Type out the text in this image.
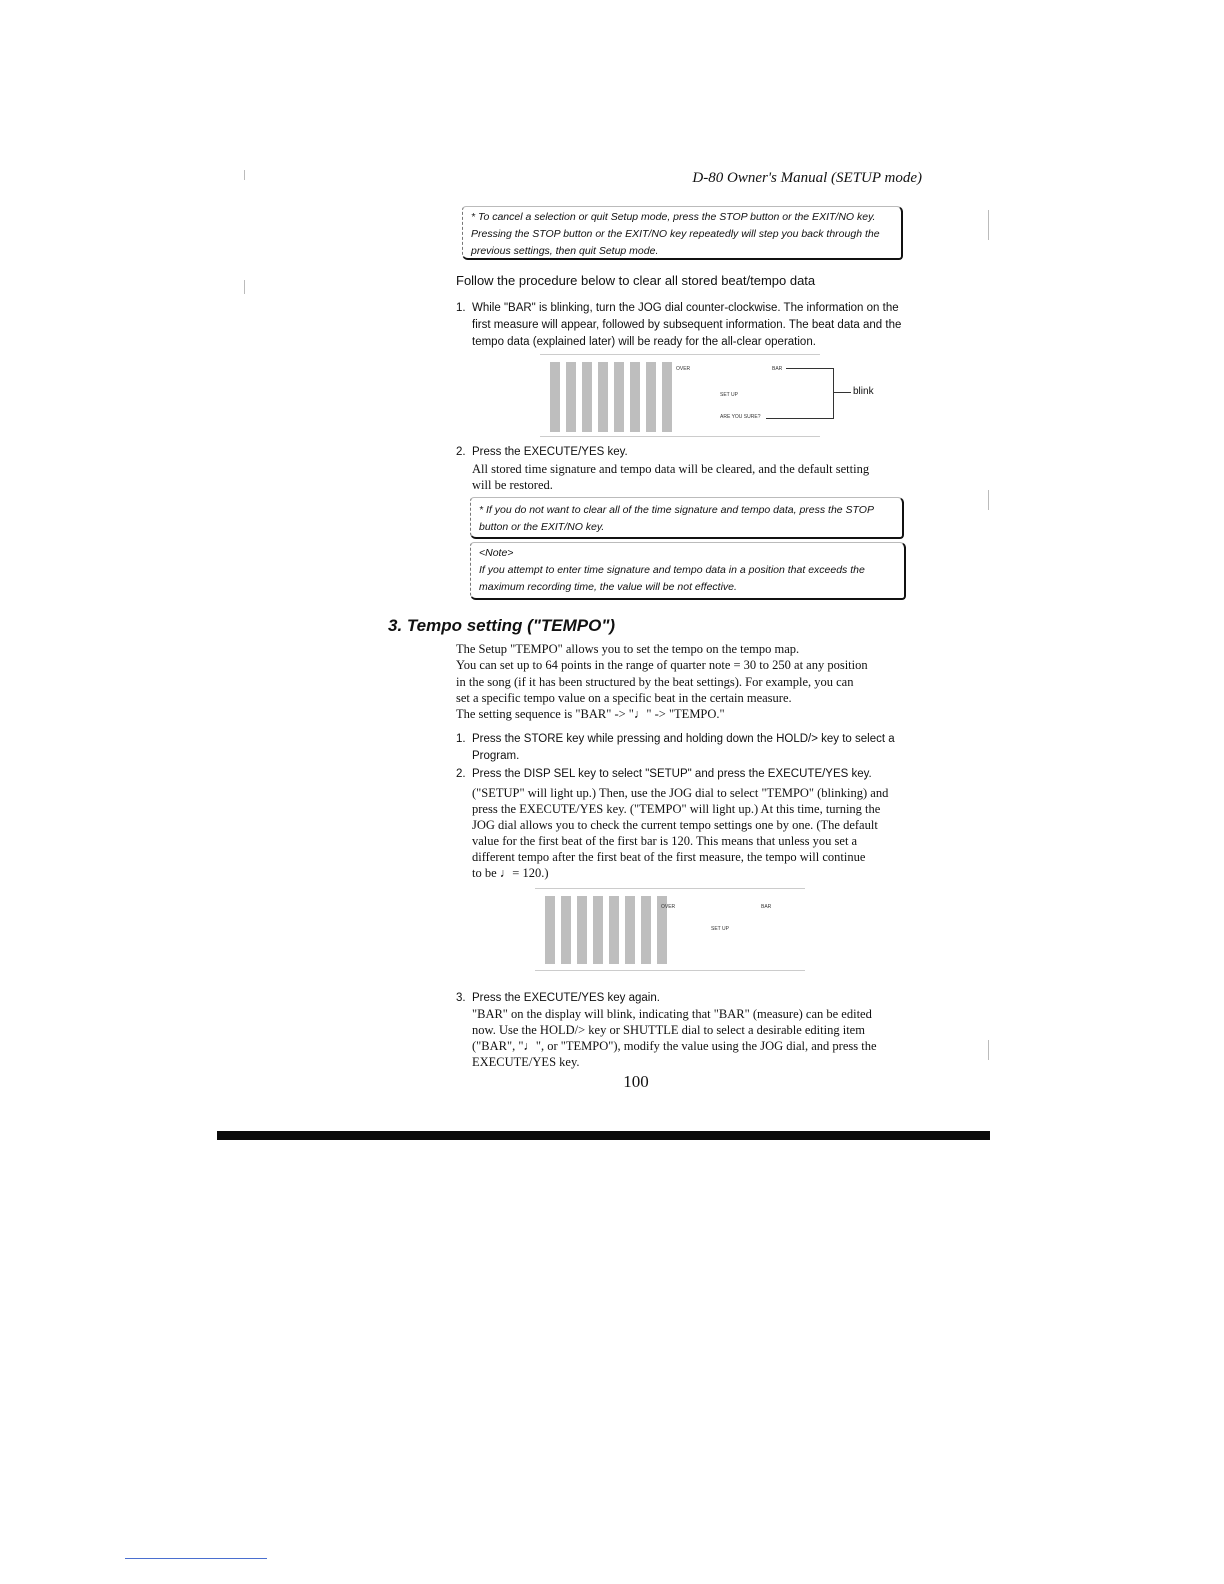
D-80 Owner's Manual (SETUP mode)

* To cancel a selection or quit Setup mode, press the STOP button or the EXIT/NO key.

Pressing the STOP button or the EXIT/NO key repeatedly will step you back through the

previous settings, then quit Setup mode.

Follow the procedure below to clear all stored beat/tempo data
1. While "BAR" is blinking, turn the JOG dial counter-clockwise. The information on the
first measure will appear, followed by subsequent information. The beat data and the
tempo data (explained later) will be ready for the all-clear operation.
OVER	BAR
SET UP
ARE YOU SURE?
blink
2. Press the EXECUTE/YES key.
All stored time signature and tempo data will be cleared, and the default setting
will be restored.

* If you do not want to clear all of the time signature and tempo data, press the STOP

button or the EXIT/NO key.

<Note>

If you attempt to enter time signature and tempo data in a position that exceeds the

maximum recording time, the value will be not effective.

3. Tempo setting ("TEMPO")
The Setup "TEMPO" allows you to set the tempo on the tempo map.
You can set up to 64 points in the range of quarter note = 30 to 250 at any position
in the song (if it has been structured by the beat settings). For example, you can
set a specific tempo value on a specific beat in the certain measure.
The setting sequence is "BAR" -> "♩" -> "TEMPO."
1. Press the STORE key while pressing and holding down the HOLD/> key to select a
Program.
2. Press the DISP SEL key to select "SETUP" and press the EXECUTE/YES key.
("SETUP" will light up.) Then, use the JOG dial to select "TEMPO" (blinking) and
press the EXECUTE/YES key. ("TEMPO" will light up.) At this time, turning the
JOG dial allows you to check the current tempo settings one by one. (The default
value for the first beat of the first bar is 120. This means that unless you set a
different tempo after the first beat of the first measure, the tempo will continue
to be ♩= 120.)
OVER	BAR
SET UP
3. Press the EXECUTE/YES key again.
"BAR" on the display will blink, indicating that "BAR" (measure) can be edited
now. Use the HOLD/> key or SHUTTLE dial to select a desirable editing item
("BAR", "♩", or "TEMPO"), modify the value using the JOG dial, and press the
EXECUTE/YES key.
100
